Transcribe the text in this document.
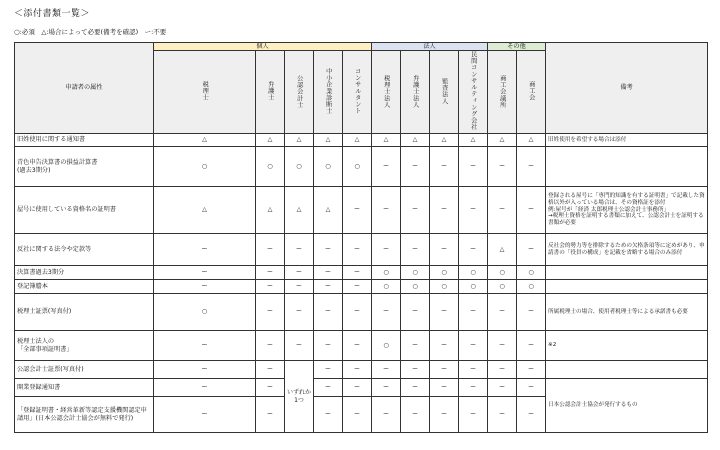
＜添付書類一覧＞
○:必須　△:場合によって必要(備考を確認)　ー:不要
申請者の属性	個人					法人				その他		備考
	税理士	弁護士	公認会計士	中小企業診断士	コンサルタント	税理士法人	弁護士法人	監査法人	民間コンサルティング会社	商工会議所	商工会	
旧姓使用に関する通知書	△	△	△	△	△	△	△	△	△	△	△	旧姓使用を希望する場合は添付
青色申告決算書の損益計算書
(過去3期分)	○	○	○	○	○	ー	ー	ー	ー	ー	ー	
屋号に使用している資格名の証明書	△	△	△	△	ー	ー	ー	ー	ー	ー	ー	登録される屋号に「専門的知識を有する証明書」で記載した資格以外が入っている場合は、その資格証を添付
例:屋号が「経済 太郎税理士公認会計士事務所」
→税理士資格を証明する書類に加えて、公認会計士を証明する書類が必要
反社に関する法令や定款等	ー	ー	ー	ー	ー	ー	ー	ー	ー	△	ー	反社会的勢力等を排除するための欠格条項等に定めがあり、申請書の「役員の構成」を記載を省略する場合のみ添付
決算書過去3期分	ー	ー	ー	ー	ー	○	○	○	○	○	○	
登記簿謄本	ー	ー	ー	ー	ー	○	○	○	○	○	○	
税理士証票(写真付)	○	ー	ー	ー	ー	ー	ー	ー	ー	ー	ー	所属税理士の場合、使用者税理士等による承諾書も必要
税理士法人の
「全部事項証明書」	ー	ー	ー	ー	ー	○	ー	ー	ー	ー	ー	※2
公認会計士証票(写真付)	ー	ー	いずれか1つ	ー	ー	ー	ー	ー	ー	ー	ー	
開業登録通知書	ー	ー		ー	ー	ー	ー	ー	ー	ー	ー	日本公認会計士協会が発行するもの
「登録証明書・経営革新等認定支援機関認定申請用」(日本公認会計士協会が無料で発行)	ー	ー		ー	ー	ー	ー	ー	ー	ー	ー	
